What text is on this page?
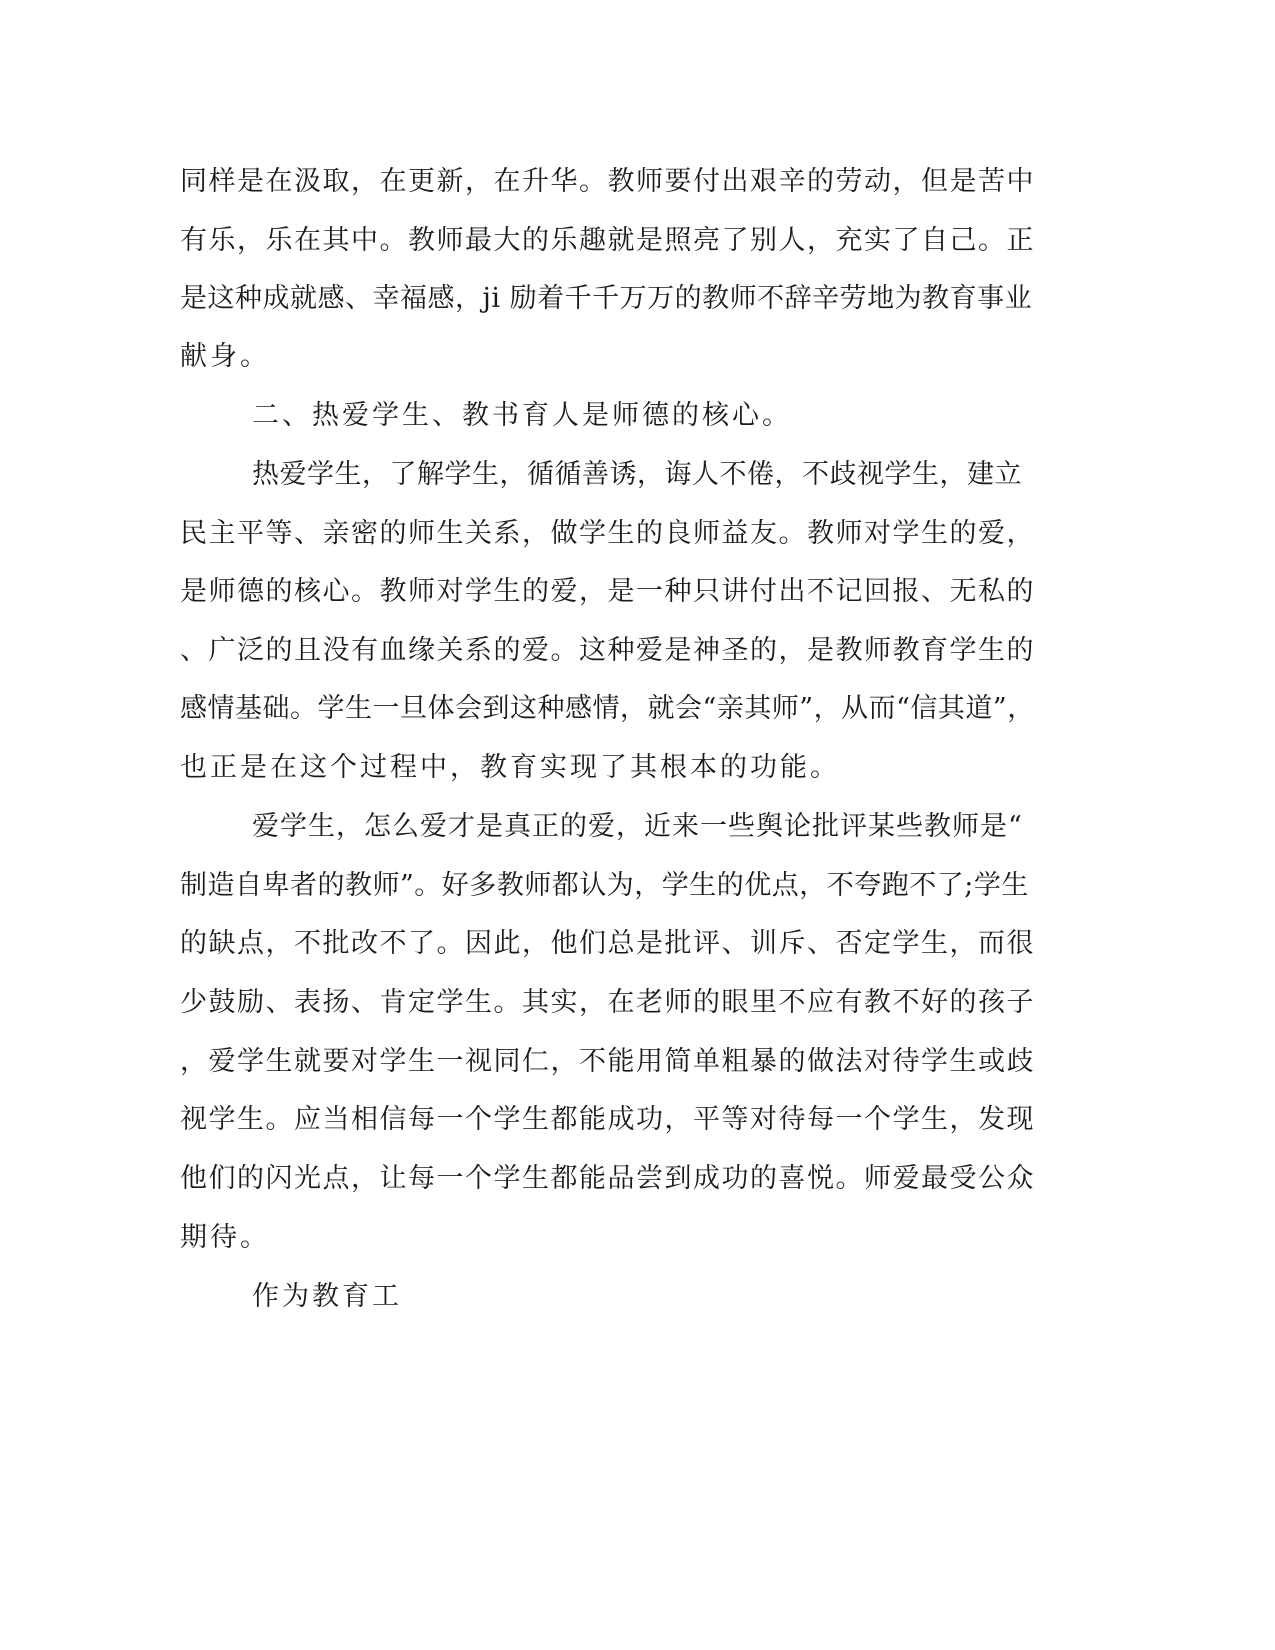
同样是在汲取，在更新，在升华。教师要付出艰辛的劳动，但是苦中
有乐，乐在其中。教师最大的乐趣就是照亮了别人，充实了自己。正
是这种成就感、幸福感，ji 励着千千万万的教师不辞辛劳地为教育事业
献身。
二、热爱学生、教书育人是师德的核心。
热爱学生，了解学生，循循善诱，诲人不倦，不歧视学生，建立
民主平等、亲密的师生关系，做学生的良师益友。教师对学生的爱，
是师德的核心。教师对学生的爱，是一种只讲付出不记回报、无私的
、广泛的且没有血缘关系的爱。这种爱是神圣的，是教师教育学生的
感情基础。学生一旦体会到这种感情，就会“亲其师”，从而“信其道”，
也正是在这个过程中，教育实现了其根本的功能。
爱学生，怎么爱才是真正的爱，近来一些舆论批评某些教师是“
制造自卑者的教师”。好多教师都认为，学生的优点，不夸跑不了;学生
的缺点，不批改不了。因此，他们总是批评、训斥、否定学生，而很
少鼓励、表扬、肯定学生。其实，在老师的眼里不应有教不好的孩子
，爱学生就要对学生一视同仁，不能用简单粗暴的做法对待学生或歧
视学生。应当相信每一个学生都能成功，平等对待每一个学生，发现
他们的闪光点，让每一个学生都能品尝到成功的喜悦。师爱最受公众
期待。
作为教育工
